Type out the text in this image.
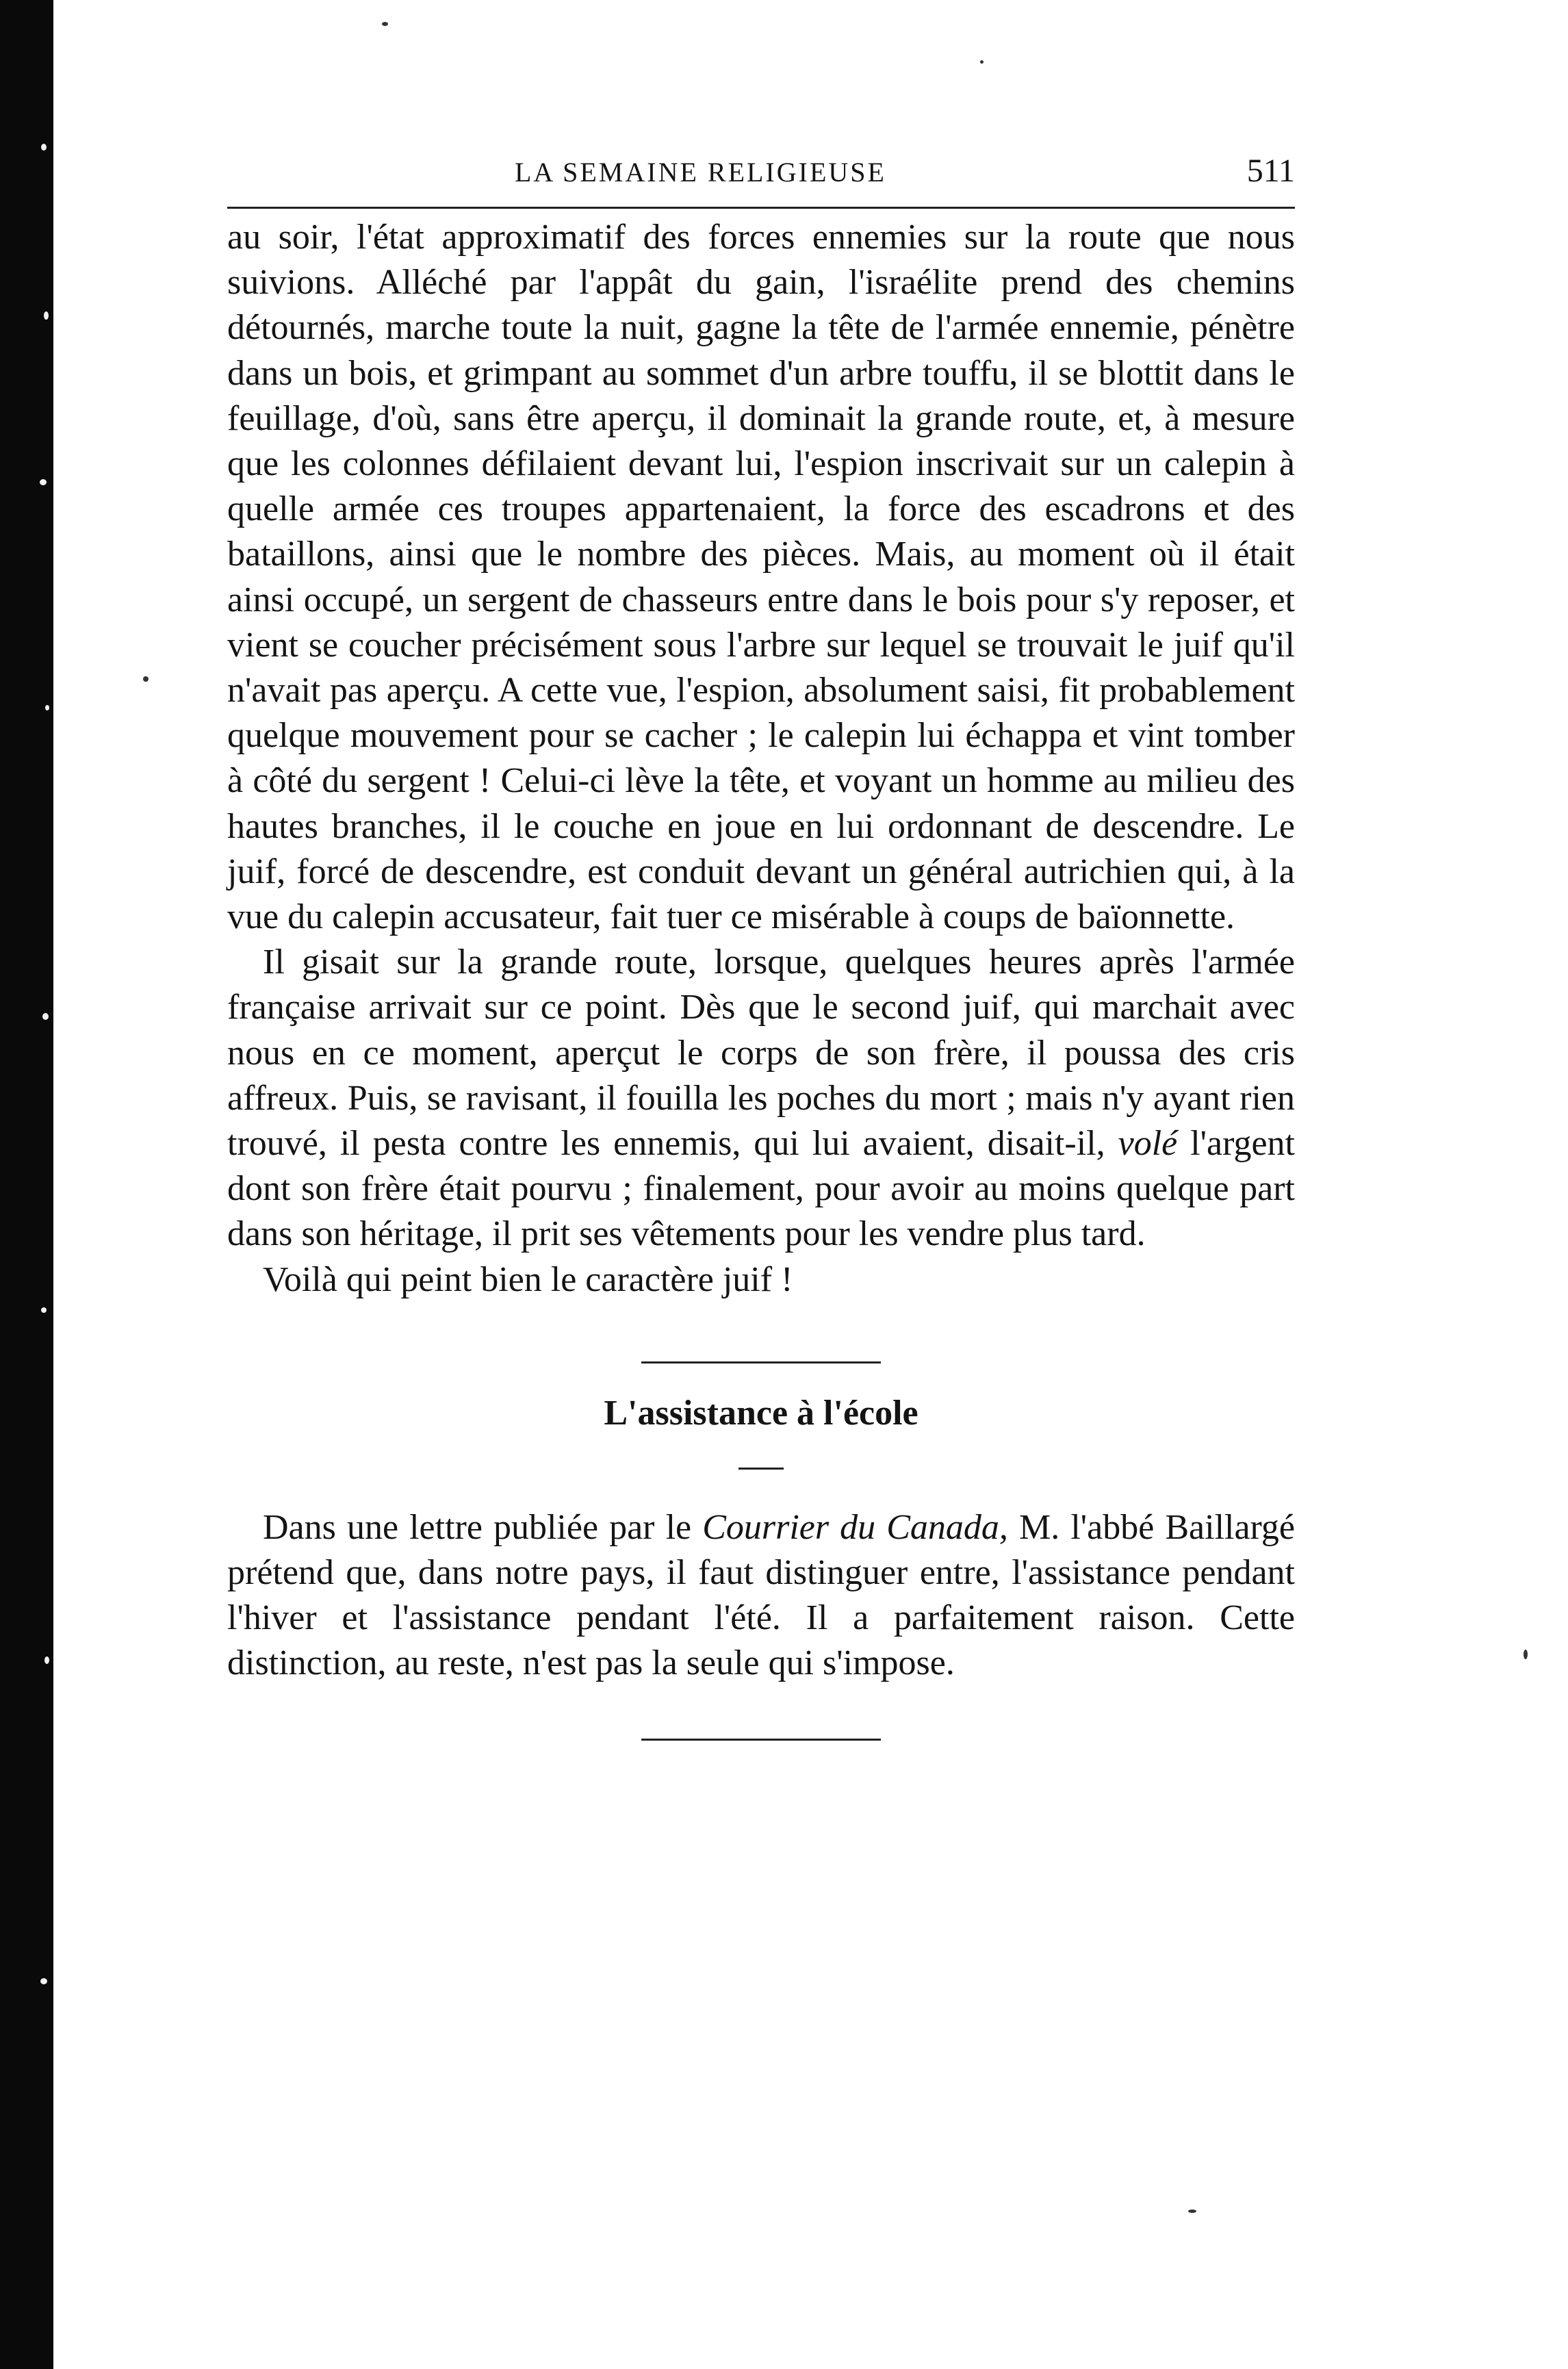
LA SEMAINE RELIGIEUSE	511

au soir, l'état approximatif des forces ennemies sur la route que nous suivions. Alléché par l'appât du gain, l'israélite prend des chemins détournés, marche toute la nuit, gagne la tête de l'armée ennemie, pénètre dans un bois, et grimpant au sommet d'un arbre touffu, il se blottit dans le feuillage, d'où, sans être aperçu, il dominait la grande route, et, à mesure que les colonnes défilaient devant lui, l'espion inscrivait sur un calepin à quelle armée ces troupes appartenaient, la force des escadrons et des bataillons, ainsi que le nombre des pièces. Mais, au moment où il était ainsi occupé, un sergent de chasseurs entre dans le bois pour s'y reposer, et vient se coucher précisément sous l'arbre sur lequel se trouvait le juif qu'il n'avait pas aperçu. A cette vue, l'espion, absolument saisi, fit probablement quelque mouvement pour se cacher ; le calepin lui échappa et vint tomber à côté du sergent ! Celui-ci lève la tête, et voyant un homme au milieu des hautes branches, il le couche en joue en lui ordonnant de descendre. Le juif, forcé de descendre, est conduit devant un général autrichien qui, à la vue du calepin accusateur, fait tuer ce misérable à coups de baïonnette.

Il gisait sur la grande route, lorsque, quelques heures après l'armée française arrivait sur ce point. Dès que le second juif, qui marchait avec nous en ce moment, aperçut le corps de son frère, il poussa des cris affreux. Puis, se ravisant, il fouilla les poches du mort ; mais n'y ayant rien trouvé, il pesta contre les ennemis, qui lui avaient, disait-il, volé l'argent dont son frère était pourvu ; finalement, pour avoir au moins quelque part dans son héritage, il prit ses vêtements pour les vendre plus tard.

Voilà qui peint bien le caractère juif !

L'assistance à l'école

Dans une lettre publiée par le Courrier du Canada, M. l'abbé Baillargé prétend que, dans notre pays, il faut distinguer entre, l'assistance pendant l'hiver et l'assistance pendant l'été. Il a parfaitement raison. Cette distinction, au reste, n'est pas la seule qui s'impose.
